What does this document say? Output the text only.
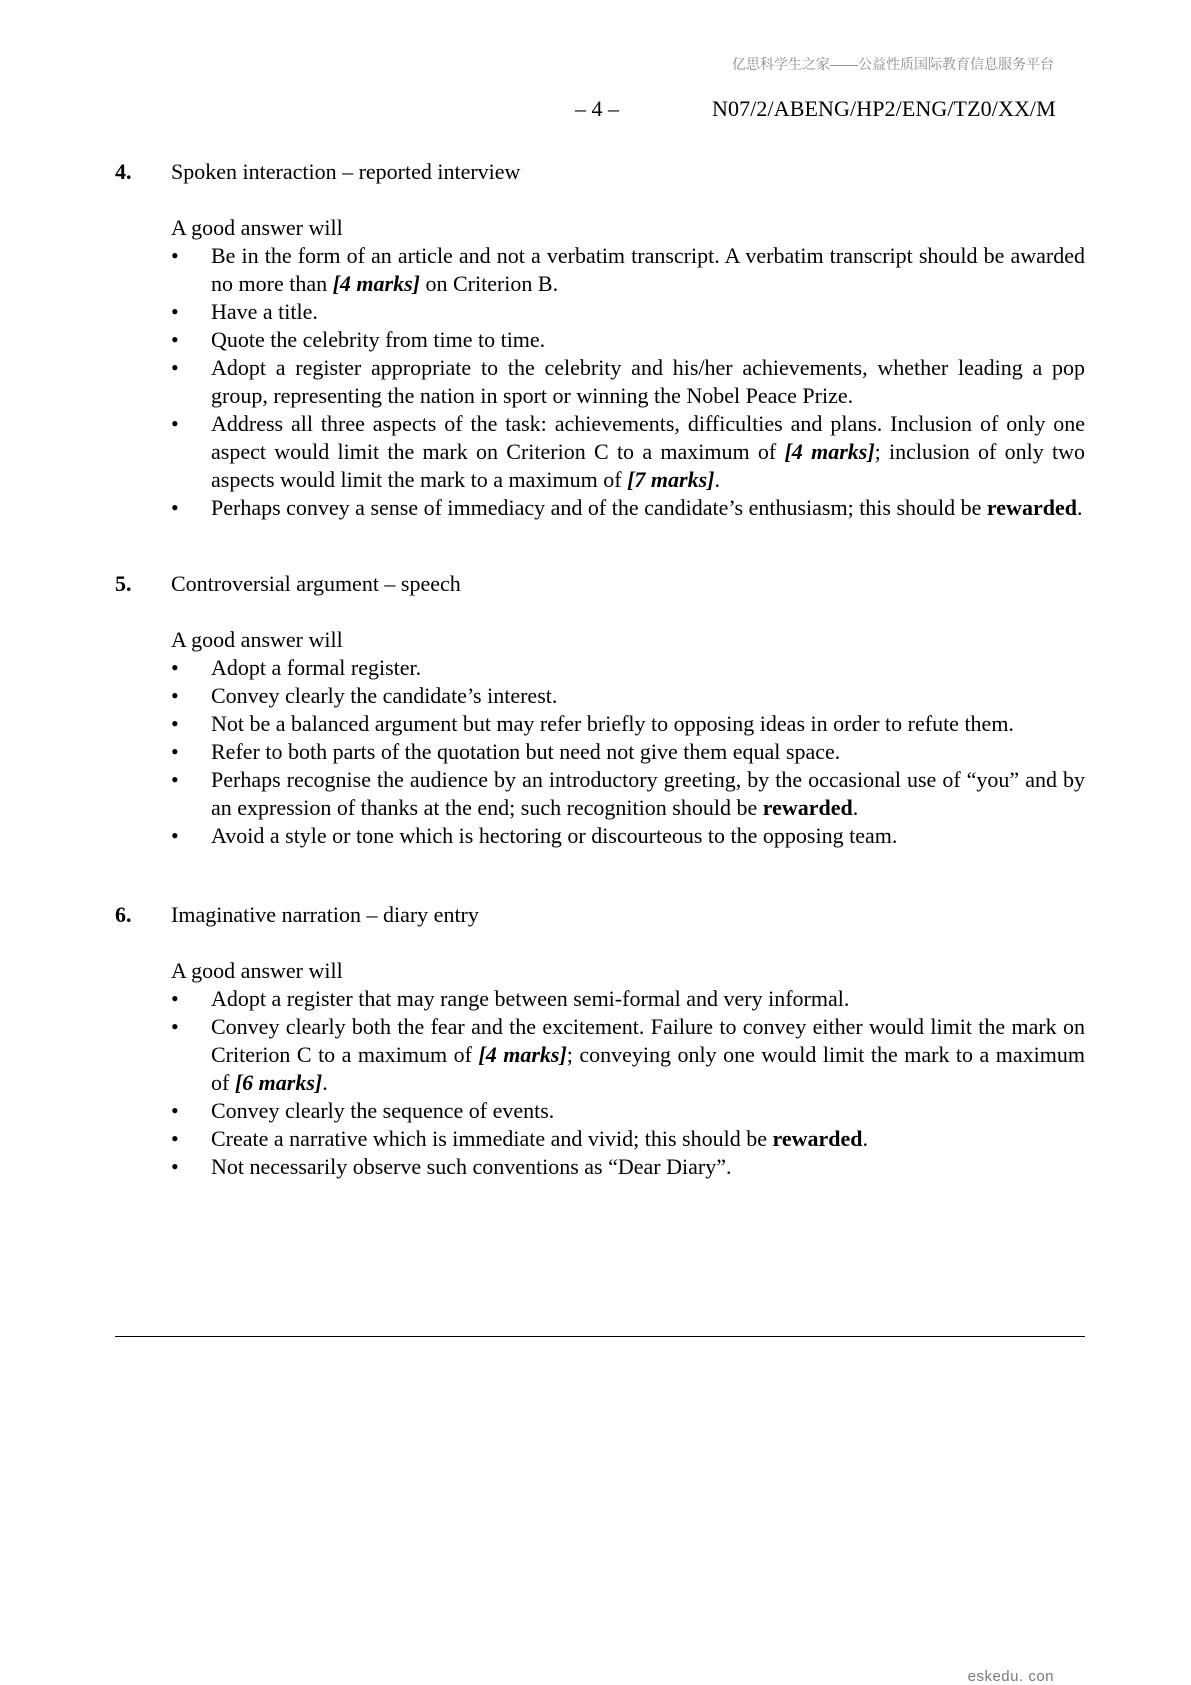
亿思科学生之家——公益性质国际教育信息服务平台
– 4 –	N07/2/ABENG/HP2/ENG/TZ0/XX/M
4. Spoken interaction – reported interview
A good answer will
• Be in the form of an article and not a verbatim transcript. A verbatim transcript should be awarded no more than [4 marks] on Criterion B.
• Have a title.
• Quote the celebrity from time to time.
• Adopt a register appropriate to the celebrity and his/her achievements, whether leading a pop group, representing the nation in sport or winning the Nobel Peace Prize.
• Address all three aspects of the task: achievements, difficulties and plans. Inclusion of only one aspect would limit the mark on Criterion C to a maximum of [4 marks]; inclusion of only two aspects would limit the mark to a maximum of [7 marks].
• Perhaps convey a sense of immediacy and of the candidate’s enthusiasm; this should be rewarded.
5. Controversial argument – speech
A good answer will
• Adopt a formal register.
• Convey clearly the candidate’s interest.
• Not be a balanced argument but may refer briefly to opposing ideas in order to refute them.
• Refer to both parts of the quotation but need not give them equal space.
• Perhaps recognise the audience by an introductory greeting, by the occasional use of “you” and by an expression of thanks at the end; such recognition should be rewarded.
• Avoid a style or tone which is hectoring or discourteous to the opposing team.
6. Imaginative narration – diary entry
A good answer will
• Adopt a register that may range between semi-formal and very informal.
• Convey clearly both the fear and the excitement. Failure to convey either would limit the mark on Criterion C to a maximum of [4 marks]; conveying only one would limit the mark to a maximum of [6 marks].
• Convey clearly the sequence of events.
• Create a narrative which is immediate and vivid; this should be rewarded.
• Not necessarily observe such conventions as “Dear Diary”.
eskedu. con
